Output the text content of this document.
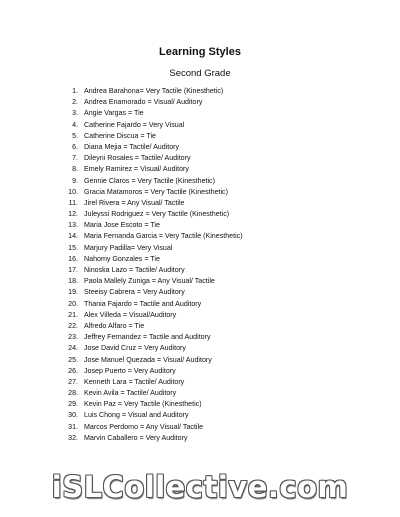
Learning Styles
Second Grade
1. Andrea Barahona= Very Tactile (Kinesthetic)
2. Andrea Enamorado = Visual/ Auditory
3. Angie Vargas = Tie
4. Catherine Fajardo = Very Visual
5. Catherine Discua = Tie
6. Diana Mejia = Tactile/ Auditory
7. Dileyni Rosales = Tactile/ Auditory
8. Emely Ramirez = Visual/ Auditory
9. Gennie Claros = Very Tactile (Kinesthetic)
10. Gracia Matamoros = Very Tactile (Kinesthetic)
11. Jirel Rivera = Any Visual/ Tactile
12. Juleyssi Rodriguez = Very Tactile (Kinesthetic)
13. Maria Jose Escoto = Tie
14. Maria Fernanda Garcia = Very Tactile (Kinesthetic)
15. Marjury Padilla= Very Visual
16. Nahomy Gonzales = Tie
17. Ninoska Lazo = Tactile/ Auditory
18. Paola Mallely Zuniga = Any Visual/ Tactile
19. Steeisy Cabrera = Very Auditory
20. Thania Fajardo = Tactile and Auditory
21. Alex Villeda = Visual/Auditory
22. Alfredo Alfaro = Tie
23. Jeffrey Fernandez = Tactile and Auditory
24. Jose David Cruz = Very Auditory
25. Jose Manuel Quezada = Visual/ Auditory
26. Josep Puerto = Very Auditory
27. Kenneth Lara = Tactile/ Auditory
28. Kevin Avila = Tactile/ Auditory
29. Kevin Paz = Very Tactile (Kinesthetic)
30. Luis Chong = Visual and Auditory
31. Marcos Perdomo = Any Visual/ Tactile
32. Marvin Caballero = Very Auditory
iSLCollective.com
